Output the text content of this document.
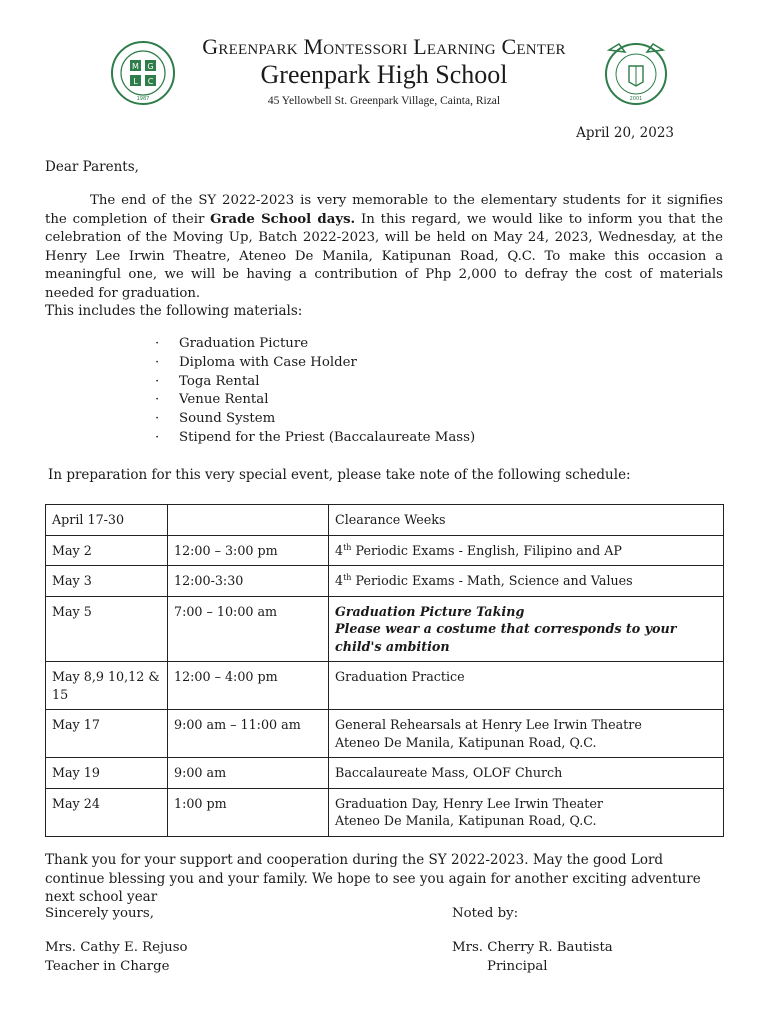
M G
L C
1987	2001
Greenpark Montessori Learning Center
Greenpark High School
45 Yellowbell St. Greenpark Village, Cainta, Rizal
April 20, 2023
Dear Parents,
The end of the SY 2022-2023 is very memorable to the elementary students for it signifies the completion of their Grade School days. In this regard, we would like to inform you that the celebration of the Moving Up, Batch 2022-2023, will be held on May 24, 2023, Wednesday, at the Henry Lee Irwin Theatre, Ateneo De Manila, Katipunan Road, Q.C. To make this occasion a meaningful one, we will be having a contribution of Php 2,000 to defray the cost of materials needed for graduation.
This includes the following materials:
· Graduation Picture
· Diploma with Case Holder
· Toga Rental
· Venue Rental
· Sound System
· Stipend for the Priest (Baccalaureate Mass)
In preparation for this very special event, please take note of the following schedule:
April 17-30		Clearance Weeks
May 2	12:00 – 3:00 pm	4th Periodic Exams - English, Filipino and AP
May 3	12:00-3:30	4th Periodic Exams - Math, Science and Values
May 5	7:00 – 10:00 am	Graduation Picture Taking
Please wear a costume that corresponds to your child's ambition

May 8,9 10,12 & 15	12:00 – 4:00 pm	Graduation Practice
May 17	9:00 am – 11:00 am	General Rehearsals at Henry Lee Irwin Theatre
Ateneo De Manila, Katipunan Road, Q.C.

May 19	9:00 am	Baccalaureate Mass, OLOF Church
May 24	1:00 pm	Graduation Day, Henry Lee Irwin Theater
Ateneo De Manila, Katipunan Road, Q.C.
Thank you for your support and cooperation during the SY 2022-2023. May the good Lord continue blessing you and your family. We hope to see you again for another exciting adventure next school year
Sincerely yours,	Noted by:
Mrs. Cathy E. Rejuso
Teacher in Charge
Mrs. Cherry R. Bautista
Principal
